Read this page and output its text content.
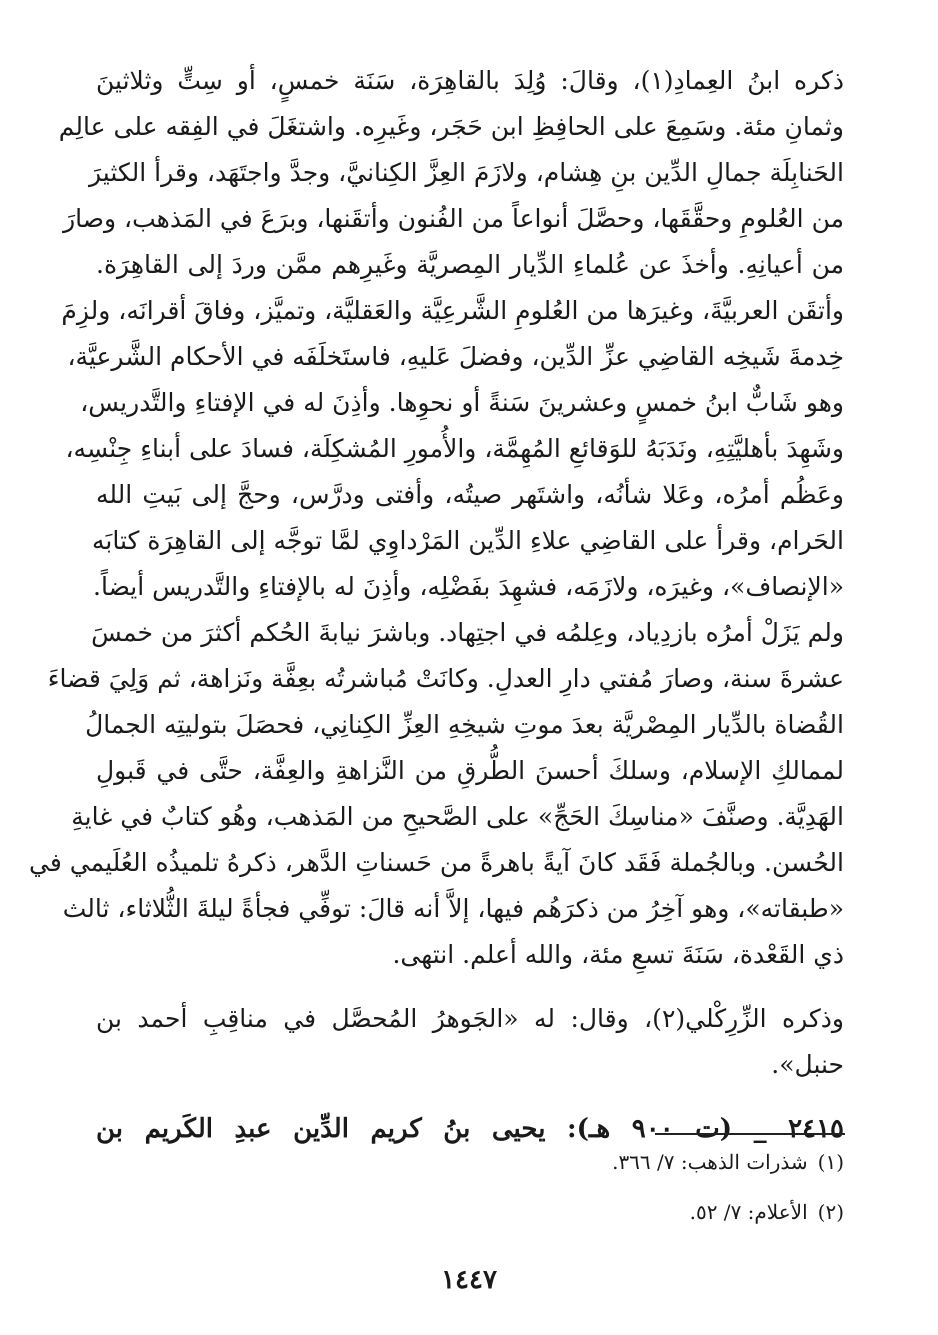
ذكره ابنُ العِمادِ(١)، وقالَ: وُلِدَ بالقاهِرَة، سَنَة خمسٍ، أو سِتٍّ وثلاثينَ
وثمانِ مئة. وسَمِعَ على الحافِظِ ابن حَجَر، وغَيرِه. واشتغَلَ في الفِقه على عالِم
الحَنابِلَة جمالِ الدِّين بنِ هِشام، ولازَمَ العِزَّ الكِنانيَّ، وجدَّ واجتَهَد، وقرأ الكثيرَ
من العُلومِ وحقَّقَها، وحصَّلَ أنواعاً من الفُنون وأتقَنها، وبرَعَ في المَذهب، وصارَ
من أعيانِهِ. وأخذَ عن عُلماءِ الدِّيار المِصريَّة وغَيرِهم ممَّن وردَ إلى القاهِرَة.
وأتقَن العربيَّةَ، وغيرَها من العُلومِ الشَّرعِيَّة والعَقليَّة، وتميَّز، وفاقَ أقرانَه، ولزِمَ
خِدمةَ شَيخِه القاضِي عزِّ الدِّين، وفضلَ عَليهِ، فاستَخلَفَه في الأحكام الشَّرعيَّة،
وهو شَابٌّ ابنُ خمسٍ وعشرينَ سَنةً أو نحوِها. وأذِنَ له في الإفتاءِ والتَّدريس،
وشَهِدَ بأهليَّتِهِ، ونَدَبَهُ للوَقائعِ المُهِمَّة، والأُمورِ المُشكِلَة، فسادَ على أبناءِ جِنْسِه،
وعَظُم أمرُه، وعَلا شأنُه، واشتَهر صيتُه، وأفتى ودرَّس، وحجَّ إلى بَيتِ الله
الحَرام، وقرأ على القاضِي علاءِ الدِّين المَرْداوِي لمَّا توجَّه إلى القاهِرَة كتابَه
«الإنصاف»، وغيرَه، ولازَمَه، فشهِدَ بفَضْلِه، وأذِنَ له بالإفتاءِ والتَّدريس أيضاً.
ولم يَزَلْ أمرُه بازدِياد، وعِلمُه في اجتِهاد. وباشرَ نيابةَ الحُكم أكثرَ من خمسَ
عشرةَ سنة، وصارَ مُفتي دارِ العدلِ. وكانَتْ مُباشرتُه بعِفَّة ونَزاهة، ثم وَلِيَ قضاءَ
القُضاة بالدِّيار المِصْريَّة بعدَ موتِ شيخِهِ العِزِّ الكِنانِي، فحصَلَ بتوليتِه الجمالُ
لممالكِ الإسلام، وسلكَ أحسنَ الطُّرقِ من النَّزاهةِ والعِفَّة، حتَّى في قَبولِ
الهَدِيَّة. وصنَّفَ «مناسِكَ الحَجِّ» على الصَّحيحِ من المَذهب، وهُو كتابٌ في غايةِ
الحُسن. وبالجُملة فَقَد كانَ آيةً باهرةً من حَسناتِ الدَّهر، ذكرهُ تلميذُه العُلَيمي في
«طبقاته»، وهو آخِرُ من ذكرَهُم فيها، إلاَّ أنه قالَ: توفِّي فجأةً ليلةَ الثُّلاثاء، ثالث
ذي القَعْدة، سَنَةَ تسعِ مئة، والله أعلم. انتهى.
وذكره الزِّرِكْلي(٢)، وقال: له «الجَوهرُ المُحصَّل في مناقِبِ أحمد بن
حنبل».
٢٤١٥ _ (ت ٩٠٠ هـ): يحيى بنُ كريم الدِّين عبدِ الكَريم بن
(١)شذرات الذهب: ٧/ ٣٦٦.
(٢)الأعلام: ٧/ ٥٢.
١٤٤٧
